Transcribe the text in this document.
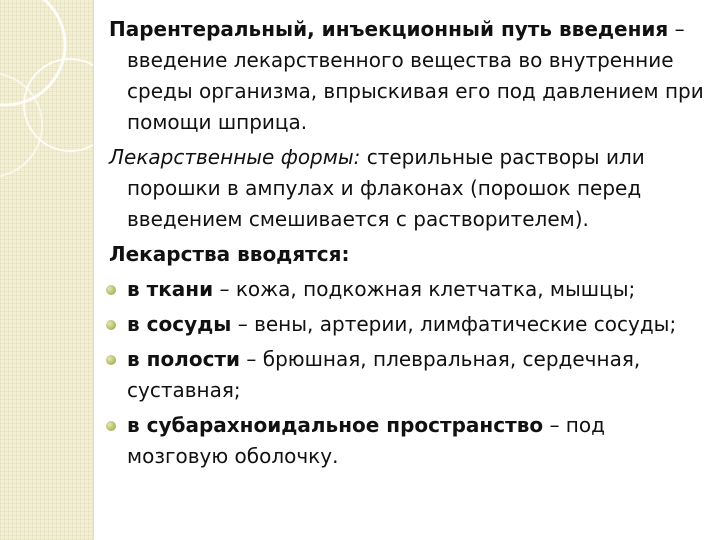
Парентеральный, инъекционный путь введения – введение лекарственного вещества во внутренние среды организма, впрыскивая его под давлением при помощи шприца.

Лекарственные формы: стерильные растворы или порошки в ампулах и флаконах (порошок перед введением смешивается с растворителем).

Лекарства вводятся:

в ткани – кожа, подкожная клетчатка, мышцы;
в сосуды – вены, артерии, лимфатические сосуды;
в полости – брюшная, плевральная, сердечная, суставная;
в субарахноидальное пространство – под мозговую оболочку.
